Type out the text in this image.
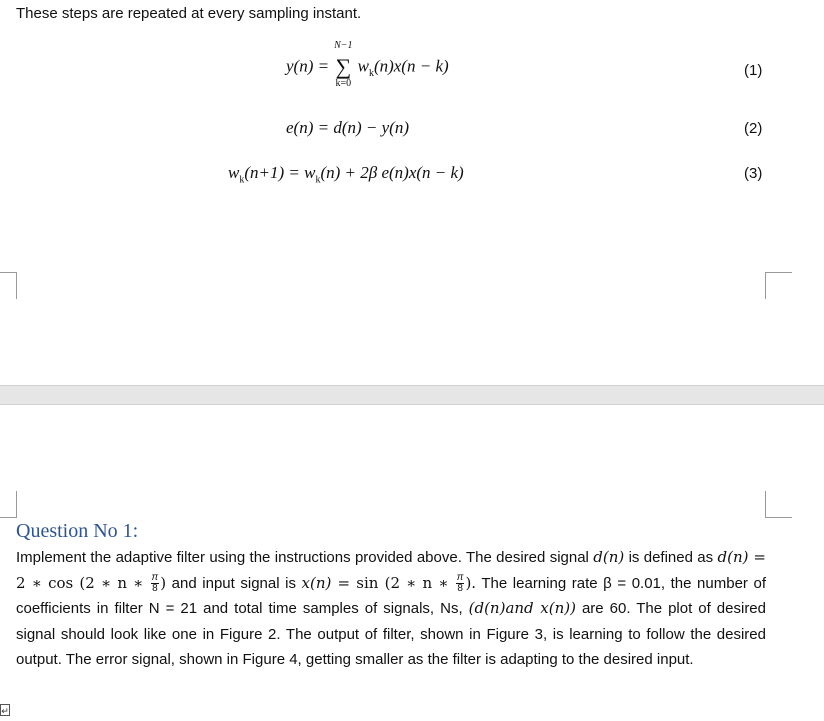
These steps are repeated at every sampling instant.
y(n) =
N−1
∑
k=0
$w_k(n)x(n - k)$	(1)
e(n) = d(n) − y(n)	(2)
$w_k(n+1) = w_k(n) + 2\beta$ e(n)x(n − k)	(3)
Question No 1:
Implement the adaptive filter using the instructions provided above. The desired signal d(n) is defined as d(n) = 2 ∗ cos (2 ∗ n ∗ $\frac{\pi}{8}$ ) and input signal is x(n) = sin (2 ∗ n ∗ $\frac{\pi}{8}$ ). The learning rate β = 0.01, the number of coefficients in filter N = 21 and total time samples of signals, Ns, (d(n)and x(n)) are 60. The plot of desired signal should look like one in Figure 2. The output of filter, shown in Figure 3, is learning to follow the desired output. The error signal, shown in Figure 4, getting smaller as the filter is adapting to the desired input.
↵
